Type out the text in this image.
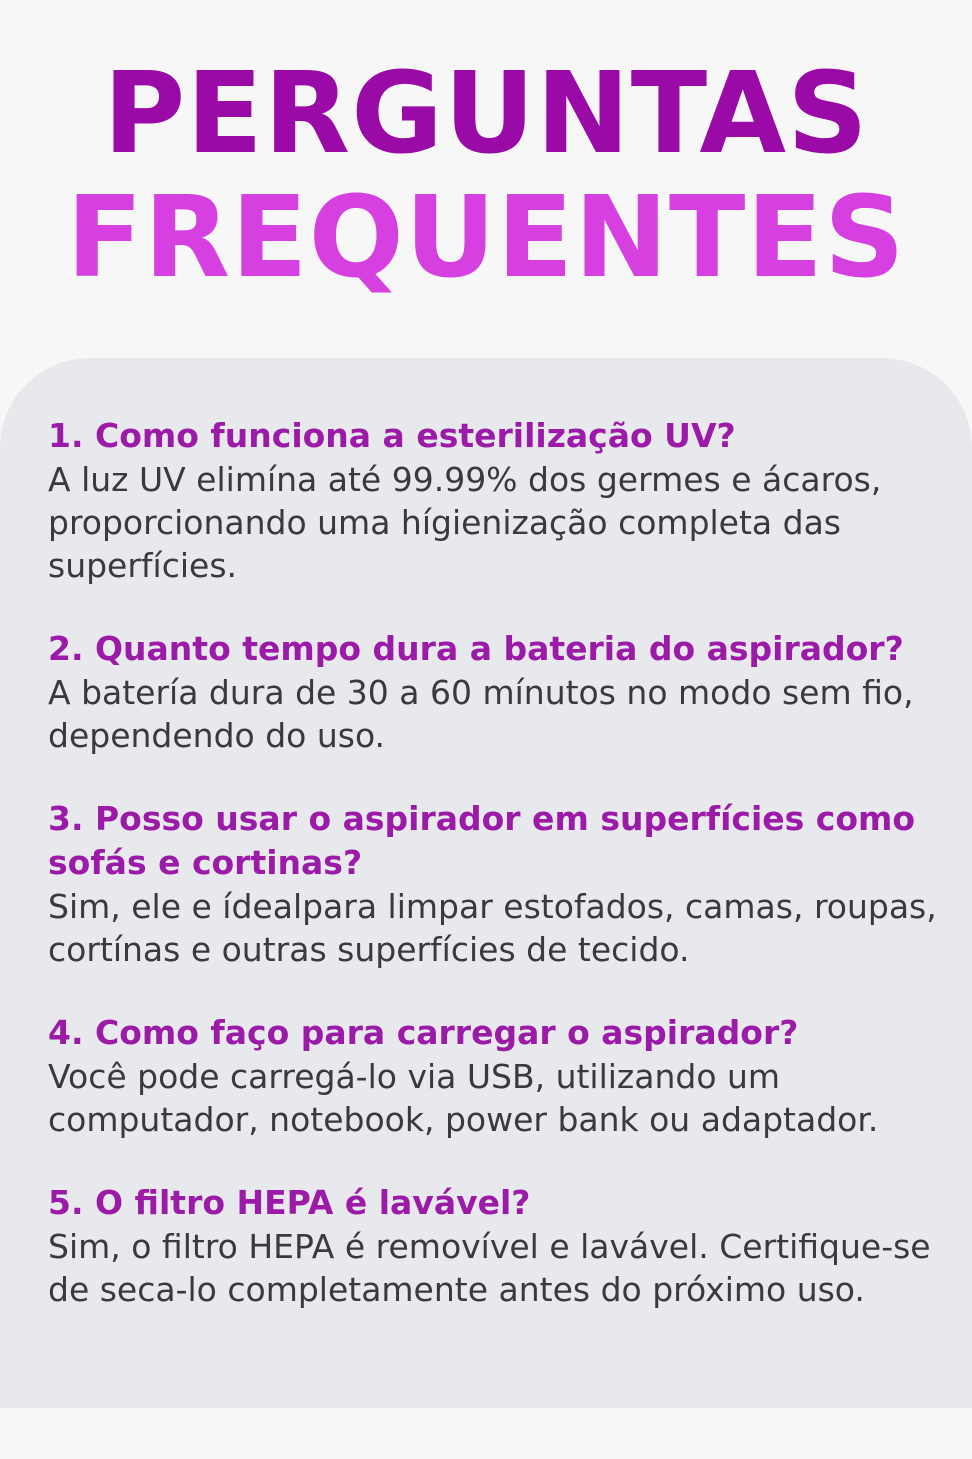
PERGUNTAS
FREQUENTES

1. Como funciona a esterilização UV?

A luz UV elimína até 99.99% dos germes e ácaros, proporcionando uma hígienização completa das superfícies.

2. Quanto tempo dura a bateria do aspirador?

A batería dura de 30 a 60 mínutos no modo sem fio, dependendo do uso.

3. Posso usar o aspirador em superfícies como sofás e cortinas?

Sim, ele e ídealpara limpar estofados, camas, roupas, cortínas e outras superfícies de tecido.

4. Como faço para carregar o aspirador?

Você pode carregá-lo via USB, utilizando um computador, notebook, power bank ou adaptador.

5. O filtro HEPA é lavável?

Sim, o filtro HEPA é removível e lavável. Certifique-se de seca-lo completamente antes do próximo uso.
